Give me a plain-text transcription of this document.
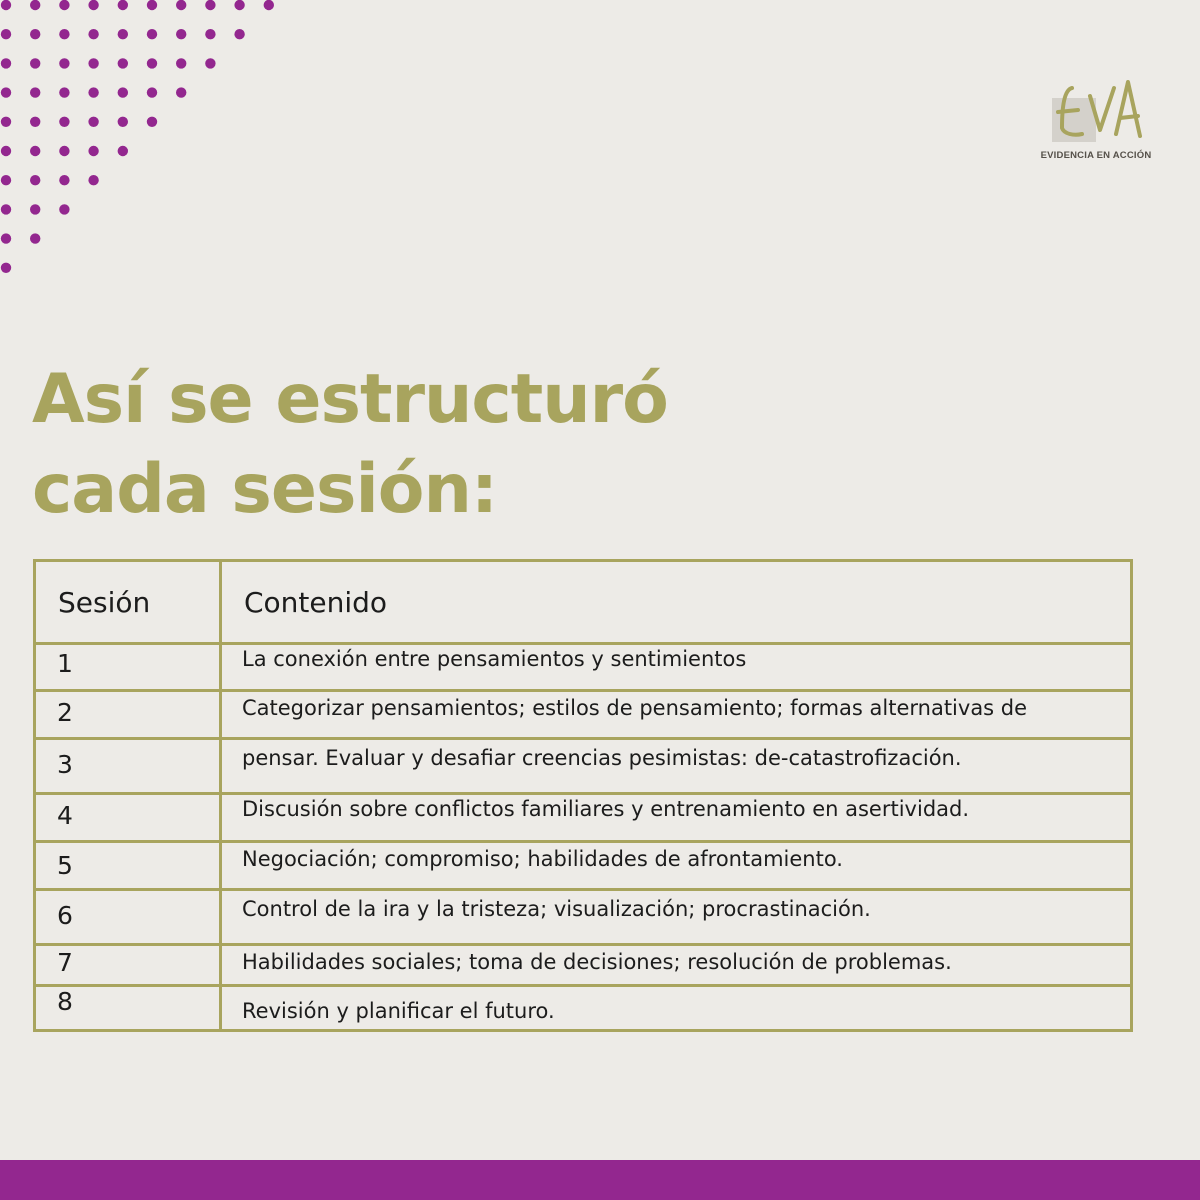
EVIDENCIA EN ACCIÓN
Así se estructuró
cada sesión:
Sesión	Contenido

1	La conexión entre pensamientos y sentimientos

2	Categorizar pensamientos; estilos de pensamiento; formas alternativas de

3	pensar. Evaluar y desafiar creencias pesimistas: de-catastrofización.

4	Discusión sobre conflictos familiares y entrenamiento en asertividad.

5	Negociación; compromiso; habilidades de afrontamiento.

6	Control de la ira y la tristeza; visualización; procrastinación.

7	Habilidades sociales; toma de decisiones; resolución de problemas.

8	Revisión y planificar el futuro.
